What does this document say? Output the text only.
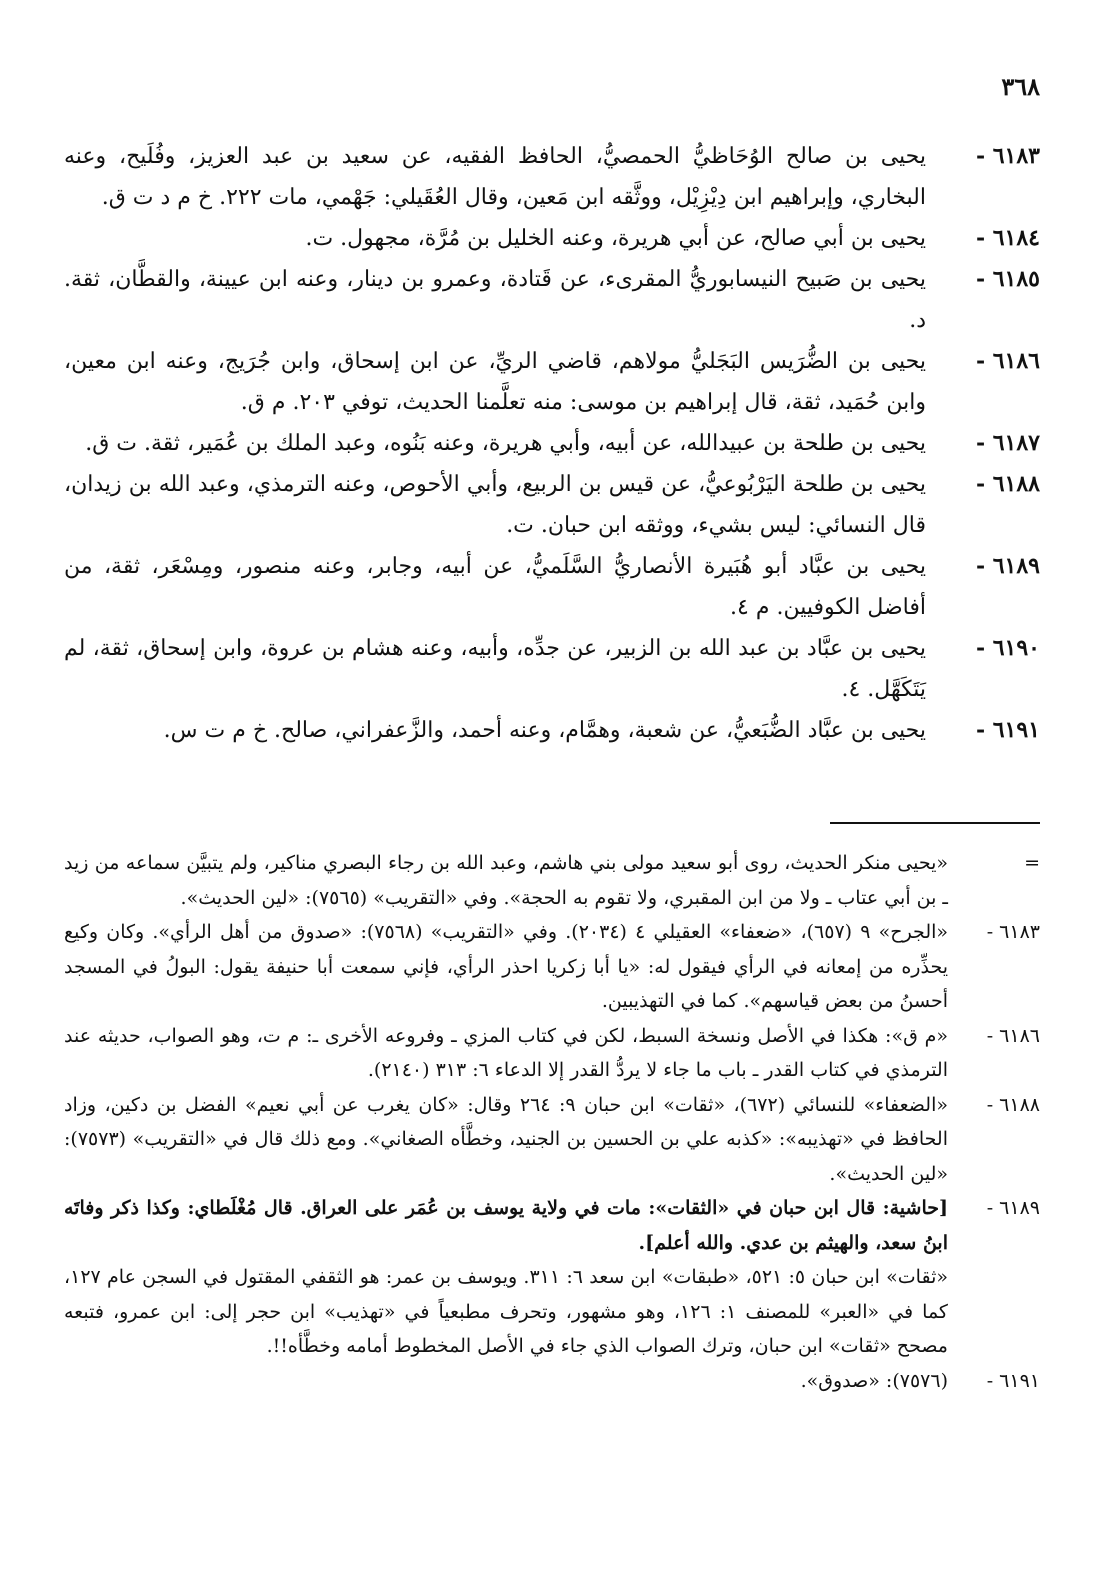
٣٦٨
٦١٨٣ -
يحيى بن صالح الوُحَاظيُّ الحمصيُّ، الحافظ الفقيه، عن سعيد بن عبد العزيز، وفُلَيح، وعنه البخاري، وإبراهيم ابن دِيْزِيْل، ووثَّقه ابن مَعين، وقال العُقَيلي: جَهْمي، مات ٢٢٢. خ م د ت ق.
٦١٨٤ -
يحيى بن أبي صالح، عن أبي هريرة، وعنه الخليل بن مُرَّة، مجهول. ت.
٦١٨٥ -
يحيى بن صَبيح النيسابوريُّ المقرىء، عن قَتادة، وعمرو بن دينار، وعنه ابن عيينة، والقطَّان، ثقة. د.
٦١٨٦ -
يحيى بن الضُّرَيس البَجَليُّ مولاهم، قاضي الريِّ، عن ابن إسحاق، وابن جُرَيج، وعنه ابن معين، وابن حُمَيد، ثقة، قال إبراهيم بن موسى: منه تعلَّمنا الحديث، توفي ٢٠٣. م ق.
٦١٨٧ -
يحيى بن طلحة بن عبيدالله، عن أبيه، وأبي هريرة، وعنه بَنُوه، وعبد الملك بن عُمَير، ثقة. ت ق.
٦١٨٨ -
يحيى بن طلحة اليَرْبُوعيُّ، عن قيس بن الربيع، وأبي الأحوص، وعنه الترمذي، وعبد الله بن زيدان، قال النسائي: ليس بشيء، ووثقه ابن حبان. ت.
٦١٨٩ -
يحيى بن عبَّاد أبو هُبَيرة الأنصاريُّ السَّلَميُّ، عن أبيه، وجابر، وعنه منصور، ومِسْعَر، ثقة، من أفاضل الكوفيين. م ٤.
٦١٩٠ -
يحيى بن عبَّاد بن عبد الله بن الزبير، عن جدِّه، وأبيه، وعنه هشام بن عروة، وابن إسحاق، ثقة، لم يَتَكَهَّل. ٤.
٦١٩١ -
يحيى بن عبَّاد الضُّبَعيُّ، عن شعبة، وهمَّام، وعنه أحمد، والزَّعفراني، صالح. خ م ت س.
=

«يحيى منكر الحديث، روى أبو سعيد مولى بني هاشم، وعبد الله بن رجاء البصري مناكير، ولم يتبيَّن سماعه من زيد ـ بن أبي عتاب ـ ولا من ابن المقبري، ولا تقوم به الحجة». وفي «التقريب» (٧٥٦٥): «لين الحديث».

٦١٨٣ -

«الجرح» ٩ (٦٥٧)، «ضعفاء» العقيلي ٤ (٢٠٣٤). وفي «التقريب» (٧٥٦٨): «صدوق من أهل الرأي». وكان وكيع يحذِّره من إمعانه في الرأي فيقول له: «يا أبا زكريا احذر الرأي، فإني سمعت أبا حنيفة يقول: البولُ في المسجد أحسنُ من بعض قياسهم». كما في التهذيبين.

٦١٨٦ -

«م ق»: هكذا في الأصل ونسخة السبط، لكن في كتاب المزي ـ وفروعه الأخرى ـ: م ت، وهو الصواب، حديثه عند الترمذي في كتاب القدر ـ باب ما جاء لا يردُّ القدر إلا الدعاء ٦: ٣١٣ (٢١٤٠).

٦١٨٨ -

«الضعفاء» للنسائي (٦٧٢)، «ثقات» ابن حبان ٩: ٢٦٤ وقال: «كان يغرب عن أبي نعيم» الفضل بن دكين، وزاد الحافظ في «تهذيبه»: «كذبه علي بن الحسين بن الجنيد، وخطَّأه الصغاني». ومع ذلك قال في «التقريب» (٧٥٧٣): «لين الحديث».

٦١٨٩ -

[حاشية: قال ابن حبان في «الثقات»: مات في ولاية يوسف بن عُمَر على العراق. قال مُغْلَطاي: وكذا ذكر وفاتَه ابنُ سعد، والهيثم بن عدي. والله أعلم].

«ثقات» ابن حبان ٥: ٥٢١، «طبقات» ابن سعد ٦: ٣١١. ويوسف بن عمر: هو الثقفي المقتول في السجن عام ١٢٧، كما في «العبر» للمصنف ١: ١٢٦، وهو مشهور، وتحرف مطبعياً في «تهذيب» ابن حجر إلى: ابن عمرو، فتبعه مصحح «ثقات» ابن حبان، وترك الصواب الذي جاء في الأصل المخطوط أمامه وخطَّأه!!.

٦١٩١ -

(٧٥٧٦): «صدوق».
